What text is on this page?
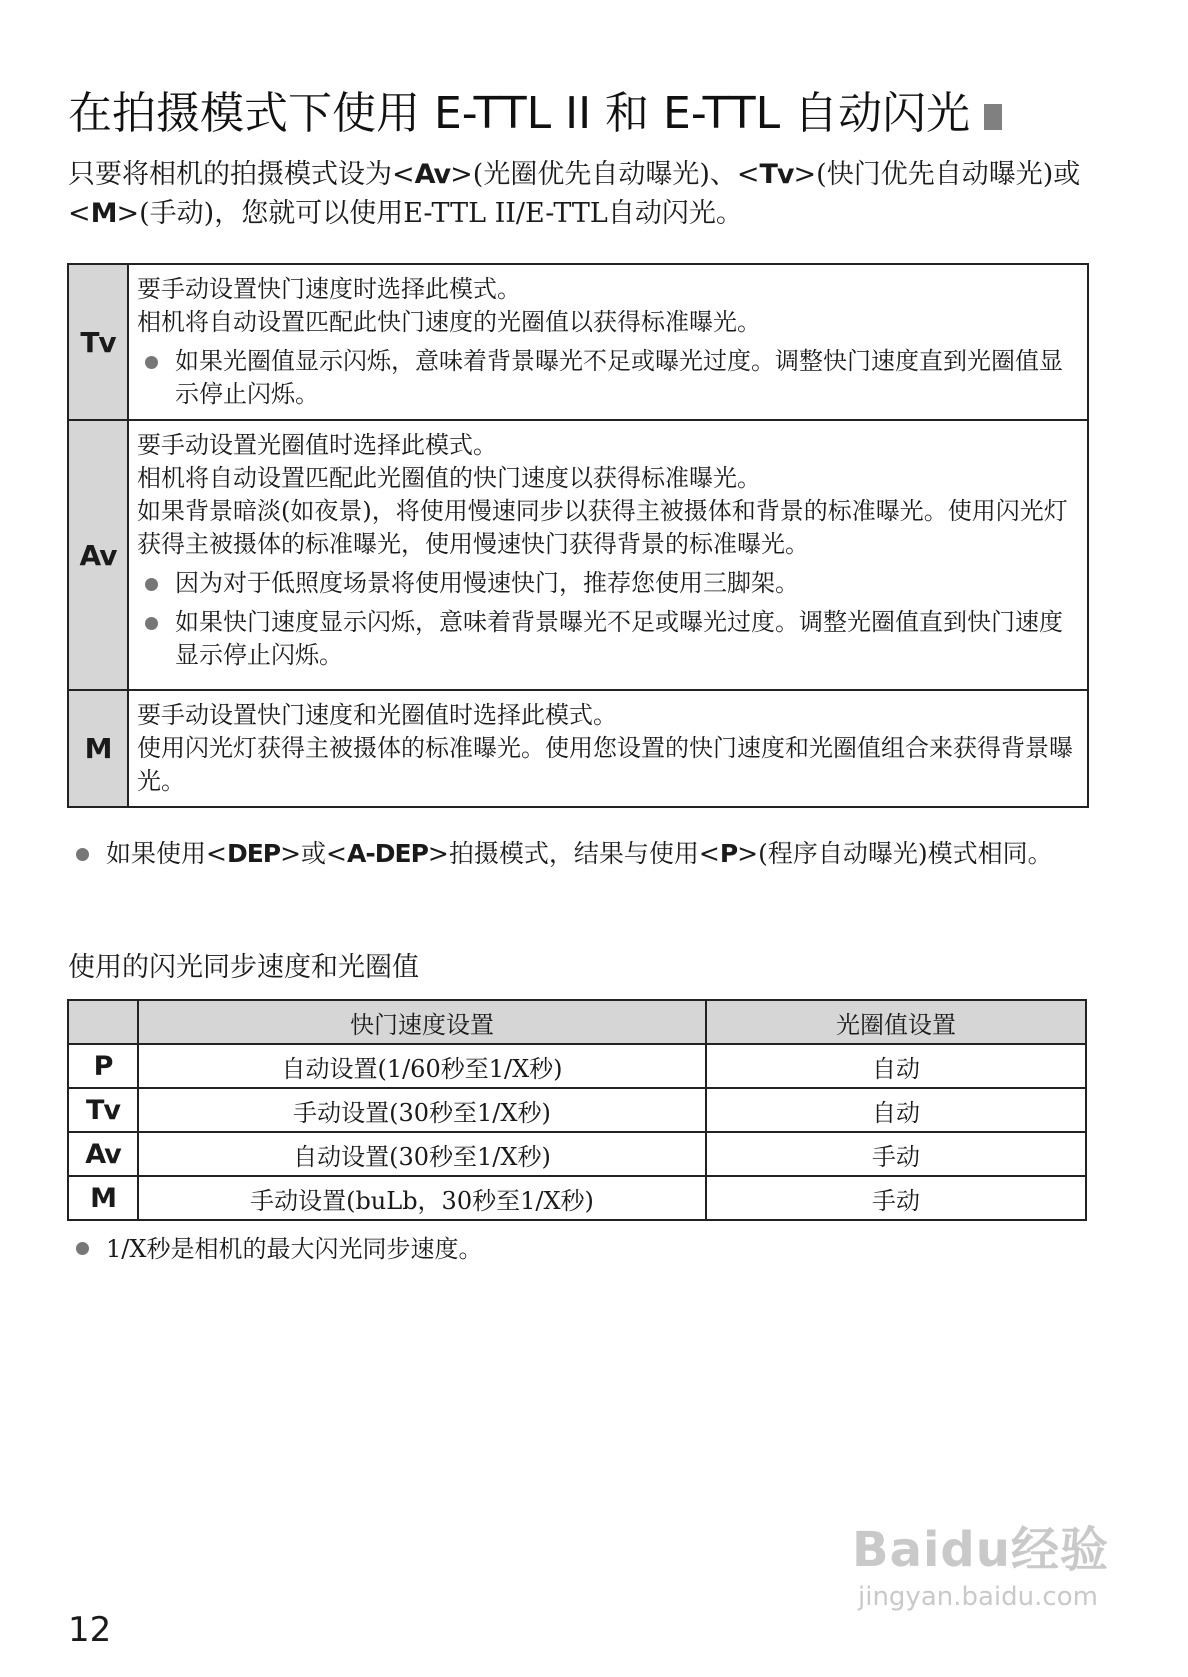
在拍摄模式下使用 E-TTL II 和 E-TTL 自动闪光
只要将相机的拍摄模式设为<Av>(光圈优先自动曝光)、<Tv>(快门优先自动曝光)或<M>(手动)，您就可以使用E-TTL II/E-TTL自动闪光。
Tv	要手动设置快门速度时选择此模式。
相机将自动设置匹配此快门速度的光圈值以获得标准曝光。
如果光圈值显示闪烁，意味着背景曝光不足或曝光过度。调整快门速度直到光圈值显示停止闪烁。

Av	要手动设置光圈值时选择此模式。
相机将自动设置匹配此光圈值的快门速度以获得标准曝光。
如果背景暗淡(如夜景)，将使用慢速同步以获得主被摄体和背景的标准曝光。使用闪光灯获得主被摄体的标准曝光，使用慢速快门获得背景的标准曝光。
因为对于低照度场景将使用慢速快门，推荐您使用三脚架。
如果快门速度显示闪烁，意味着背景曝光不足或曝光过度。调整光圈值直到快门速度显示停止闪烁。

M	要手动设置快门速度和光圈值时选择此模式。
使用闪光灯获得主被摄体的标准曝光。使用您设置的快门速度和光圈值组合来获得背景曝光。
如果使用<DEP>或<A-DEP>拍摄模式，结果与使用<P>(程序自动曝光)模式相同。
使用的闪光同步速度和光圈值
	快门速度设置	光圈值设置
P	自动设置(1/60秒至1/X秒)	自动
Tv	手动设置(30秒至1/X秒)	自动
Av	自动设置(30秒至1/X秒)	手动
M	手动设置(buLb，30秒至1/X秒)	手动
1/X秒是相机的最大闪光同步速度。
Baidu经验
jingyan.baidu.com
12
